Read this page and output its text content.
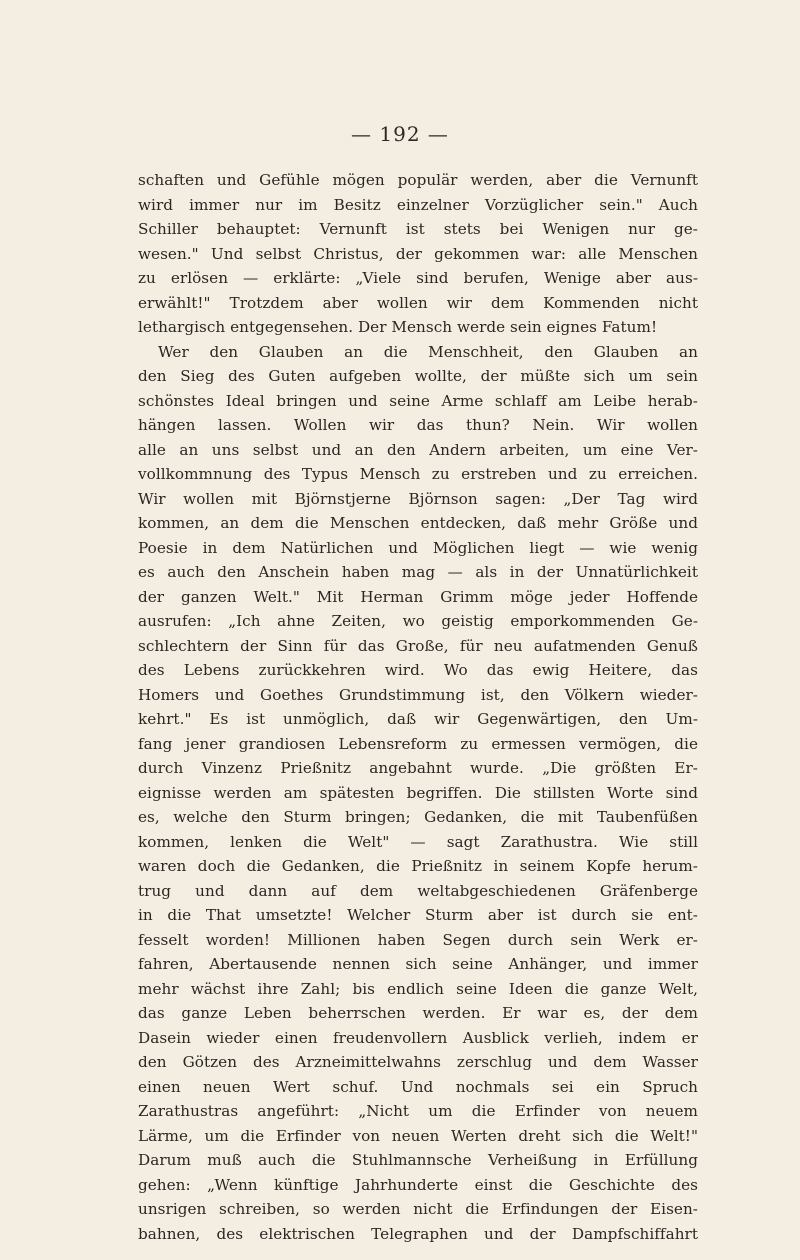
— 192 —
schaften und Gefühle mögen populär werden, aber die Vernunft
wird immer nur im Besitz einzelner Vorzüglicher sein." Auch
Schiller behauptet: Vernunft ist stets bei Wenigen nur ge-
wesen." Und selbst Christus, der gekommen war: alle Menschen
zu erlösen — erklärte: „Viele sind berufen, Wenige aber aus-
erwählt!" Trotzdem aber wollen wir dem Kommenden nicht
lethargisch entgegensehen. Der Mensch werde sein eignes Fatum!
Wer den Glauben an die Menschheit, den Glauben an
den Sieg des Guten aufgeben wollte, der müßte sich um sein
schönstes Ideal bringen und seine Arme schlaff am Leibe herab-
hängen lassen. Wollen wir das thun? Nein. Wir wollen
alle an uns selbst und an den Andern arbeiten, um eine Ver-
vollkommnung des Typus Mensch zu erstreben und zu erreichen.
Wir wollen mit Björnstjerne Björnson sagen: „Der Tag wird
kommen, an dem die Menschen entdecken, daß mehr Größe und
Poesie in dem Natürlichen und Möglichen liegt — wie wenig
es auch den Anschein haben mag — als in der Unnatürlichkeit
der ganzen Welt." Mit Herman Grimm möge jeder Hoffende
ausrufen: „Ich ahne Zeiten, wo geistig emporkommenden Ge-
schlechtern der Sinn für das Große, für neu aufatmenden Genuß
des Lebens zurückkehren wird. Wo das ewig Heitere, das
Homers und Goethes Grundstimmung ist, den Völkern wieder-
kehrt." Es ist unmöglich, daß wir Gegenwärtigen, den Um-
fang jener grandiosen Lebensreform zu ermessen vermögen, die
durch Vinzenz Prießnitz angebahnt wurde. „Die größten Er-
eignisse werden am spätesten begriffen. Die stillsten Worte sind
es, welche den Sturm bringen; Gedanken, die mit Taubenfüßen
kommen, lenken die Welt" — sagt Zarathustra. Wie still
waren doch die Gedanken, die Prießnitz in seinem Kopfe herum-
trug und dann auf dem weltabgeschiedenen Gräfenberge
in die That umsetzte! Welcher Sturm aber ist durch sie ent-
fesselt worden! Millionen haben Segen durch sein Werk er-
fahren, Abertausende nennen sich seine Anhänger, und immer
mehr wächst ihre Zahl; bis endlich seine Ideen die ganze Welt,
das ganze Leben beherrschen werden. Er war es, der dem
Dasein wieder einen freudenvollern Ausblick verlieh, indem er
den Götzen des Arzneimittelwahns zerschlug und dem Wasser
einen neuen Wert schuf. Und nochmals sei ein Spruch
Zarathustras angeführt: „Nicht um die Erfinder von neuem
Lärme, um die Erfinder von neuen Werten dreht sich die Welt!"
Darum muß auch die Stuhlmannsche Verheißung in Erfüllung
gehen: „Wenn künftige Jahrhunderte einst die Geschichte des
unsrigen schreiben, so werden nicht die Erfindungen der Eisen-
bahnen, des elektrischen Telegraphen und der Dampfschiffahrt
